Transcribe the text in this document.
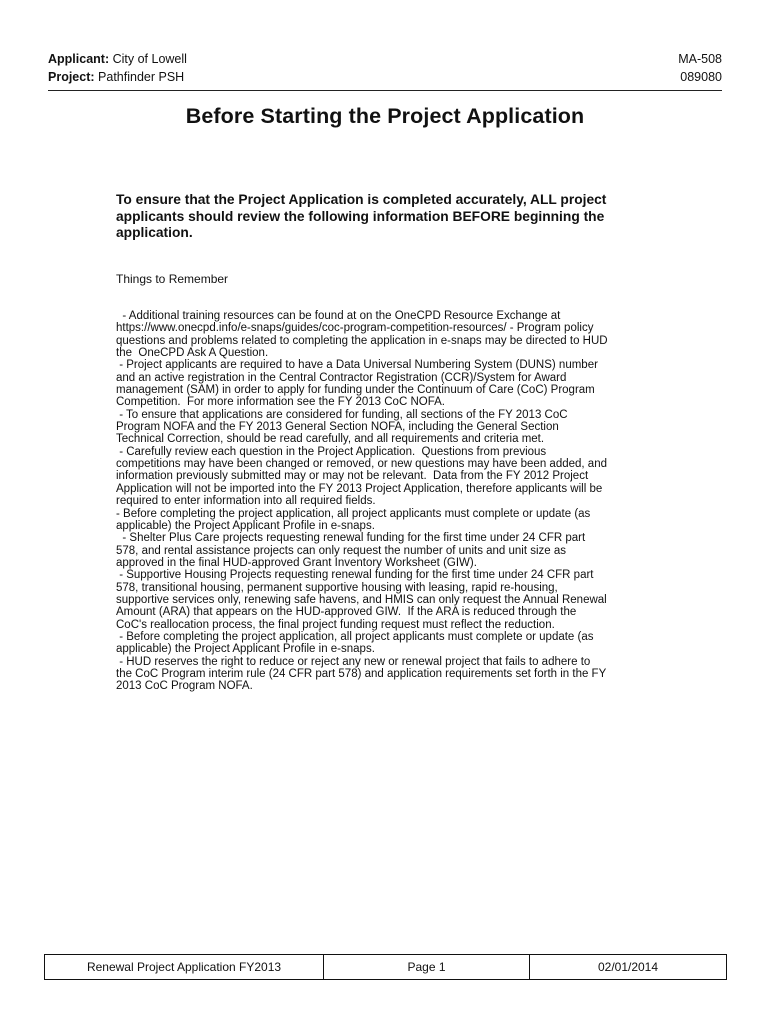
Applicant: City of Lowell
Project: Pathfinder PSH
MA-508
089080
Before Starting the Project Application
To ensure that the Project Application is completed accurately, ALL project applicants should review the following information BEFORE beginning the application.
Things to Remember

- Additional training resources can be found at on the OneCPD Resource Exchange at

https://www.onecpd.info/e-snaps/guides/coc-program-competition-resources/ - Program policy

questions and problems related to completing the application in e-snaps may be directed to HUD

the  OneCPD Ask A Question.

- Project applicants are required to have a Data Universal Numbering System (DUNS) number

and an active registration in the Central Contractor Registration (CCR)/System for Award

management (SAM) in order to apply for funding under the Continuum of Care (CoC) Program

Competition.  For more information see the FY 2013 CoC NOFA.

- To ensure that applications are considered for funding, all sections of the FY 2013 CoC

Program NOFA and the FY 2013 General Section NOFA, including the General Section

Technical Correction, should be read carefully, and all requirements and criteria met.

- Carefully review each question in the Project Application.  Questions from previous

competitions may have been changed or removed, or new questions may have been added, and

information previously submitted may or may not be relevant.  Data from the FY 2012 Project

Application will not be imported into the FY 2013 Project Application, therefore applicants will be

required to enter information into all required fields.

- Before completing the project application, all project applicants must complete or update (as

applicable) the Project Applicant Profile in e-snaps.

- Shelter Plus Care projects requesting renewal funding for the first time under 24 CFR part

578, and rental assistance projects can only request the number of units and unit size as

approved in the final HUD-approved Grant Inventory Worksheet (GIW).

- Supportive Housing Projects requesting renewal funding for the first time under 24 CFR part

578, transitional housing, permanent supportive housing with leasing, rapid re-housing,

supportive services only, renewing safe havens, and HMIS can only request the Annual Renewal

Amount (ARA) that appears on the HUD-approved GIW.  If the ARA is reduced through the

CoC's reallocation process, the final project funding request must reflect the reduction.

- Before completing the project application, all project applicants must complete or update (as

applicable) the Project Applicant Profile in e-snaps.

- HUD reserves the right to reduce or reject any new or renewal project that fails to adhere to

the CoC Program interim rule (24 CFR part 578) and application requirements set forth in the FY

2013 CoC Program NOFA.

Renewal Project Application FY2013	Page 1	02/01/2014
